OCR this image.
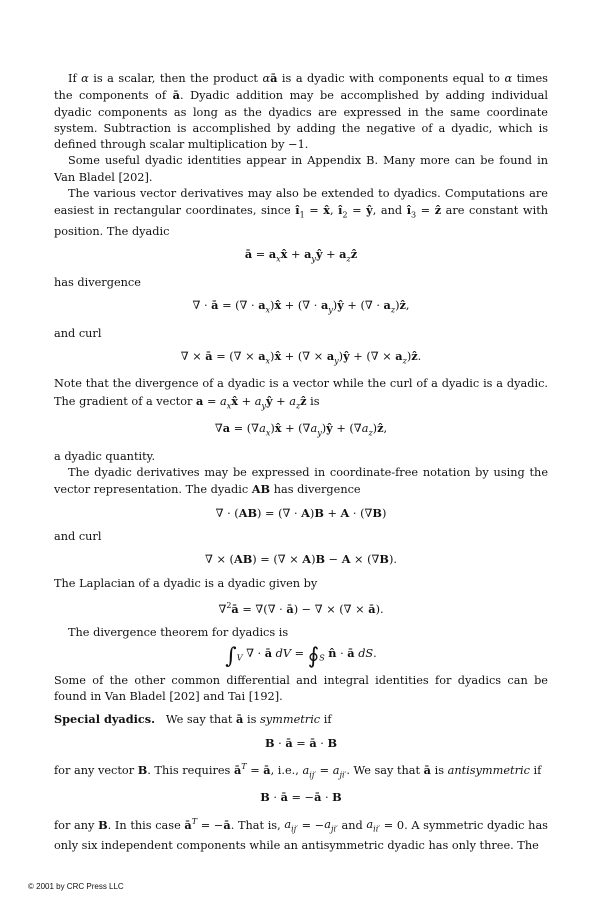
If α is a scalar, then the product αā is a dyadic with components equal to α times the components of ā. Dyadic addition may be accomplished by adding individual dyadic components as long as the dyadics are expressed in the same coordinate system. Subtraction is accomplished by adding the negative of a dyadic, which is defined through scalar multiplication by −1.

Some useful dyadic identities appear in Appendix B. Many more can be found in Van Bladel [202].

The various vector derivatives may also be extended to dyadics. Computations are easiest in rectangular coordinates, since $î_1$ = x̂, $î_2$ = ŷ, and $î_3$ = ẑ are constant with position. The dyadic

ā = $a_xx̂$ + $a_yŷ$ + $a_zẑ$

has divergence

∇ · ā = (∇ · $a_x)x̂$ + (∇ · $a_y)ŷ$ + (∇ · $a_z)ẑ$,

and curl

∇ × ā = (∇ × $a_x)x̂$ + (∇ × $a_y)ŷ$ + (∇ × $a_z)ẑ$.

Note that the divergence of a dyadic is a vector while the curl of a dyadic is a dyadic. The gradient of a vector $a = a_xx̂$ + $a_yŷ$ + $a_zẑ$ is

$\nabla a = (\nabla a_x)x̂$ + $(\nabla a_y)ŷ$ + $(\nabla a_z)ẑ$,

a dyadic quantity.

The dyadic derivatives may be expressed in coordinate-free notation by using the vector representation. The dyadic AB has divergence

∇ · (AB) = (∇ · A)B + A · (∇B)

and curl

∇ × (AB) = (∇ × A)B − A × (∇B).

The Laplacian of a dyadic is a dyadic given by

∇$^2$ā = ∇(∇ · ā) − ∇ × (∇ × ā).

The divergence theorem for dyadics is

$\int_V$ ∇ · ā dV = $∮_S$ n̂ · ā dS.

Some of the other common differential and integral identities for dyadics can be found in Van Bladel [202] and Tai [192].

Special dyadics.   We say that ā is symmetric if

B · ā = ā · B

for any vector B. This requires $ā^T$ = ā, i.e., $a_{ij'} = a_{ji'}$. We say that ā is antisymmetric if

B · ā = −ā · B

for any B. In this case $ā^T$ = −ā. That is, $a_{ij'} = -a_{ji'}$ and $a_{ii'} = 0$. A symmetric dyadic has only six independent components while an antisymmetric dyadic has only three. The

© 2001 by CRC Press LLC
